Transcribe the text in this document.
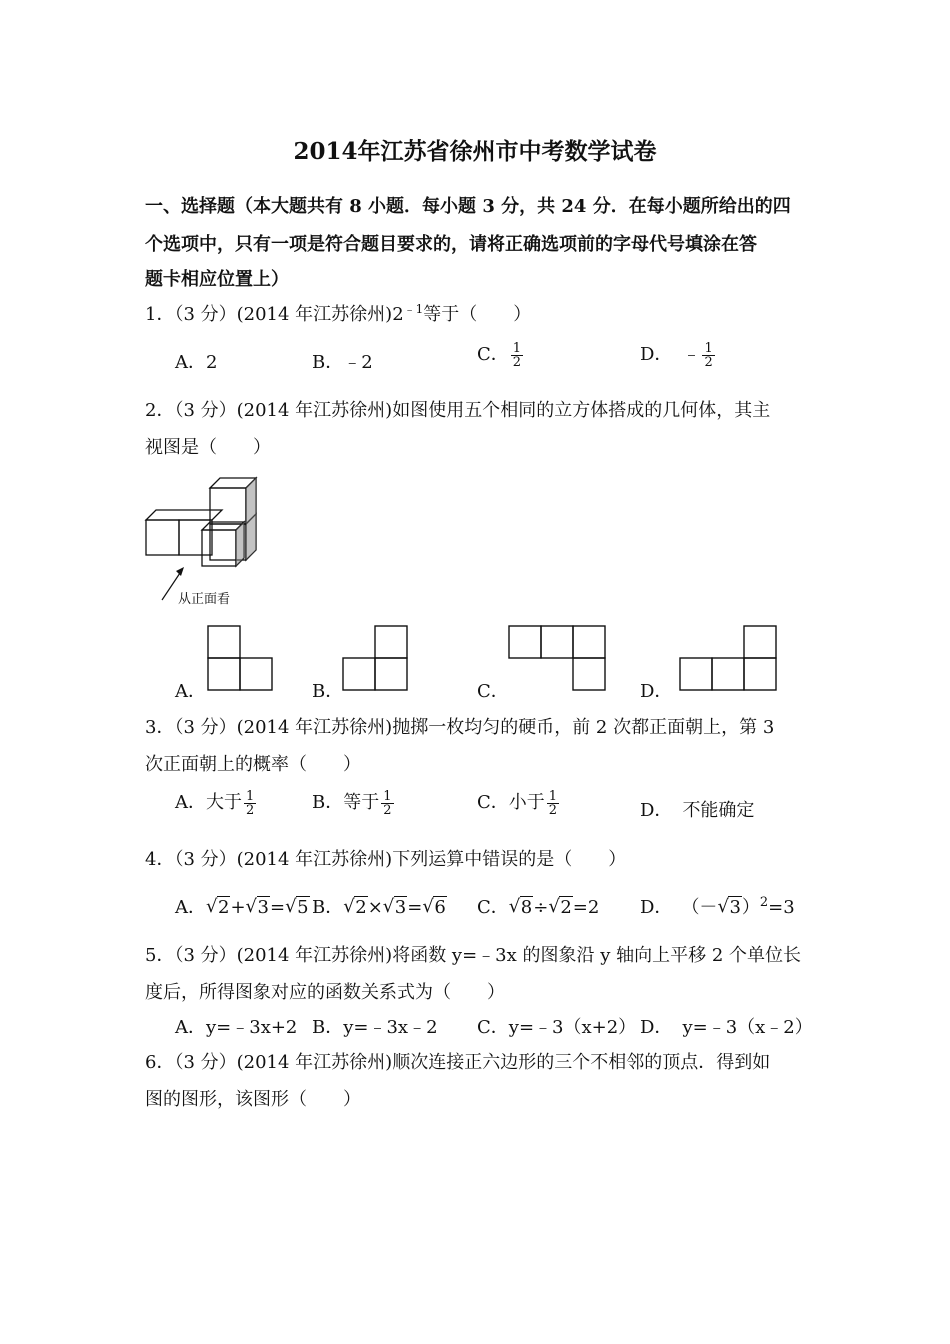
2014年江苏省徐州市中考数学试卷
一、选择题（本大题共有 8 小题．每小题 3 分，共 24 分．在每小题所给出的四
个选项中，只有一项是符合题目要求的，请将正确选项前的字母代号填涂在答
题卡相应位置上）
1．（3 分）(2014 年江苏徐州)$2^{﹣1}$等于（　　）
A．2	B．﹣2	C． $\frac{1}{2}$	D． ﹣ $\frac{1}{2}$
2．（3 分）(2014 年江苏徐州)如图使用五个相同的立方体搭成的几何体，其主
视图是（　　）
从正面看
A．	B．	C．	D．
3．（3 分）(2014 年江苏徐州)抛掷一枚均匀的硬币，前 2 次都正面朝上，第 3
次正面朝上的概率（　　）
A．大于 $\frac{1}{2}$	B．等于 $\frac{1}{2}$	C．小于 $\frac{1}{2}$	D． 不能确定
4．（3 分）(2014 年江苏徐州)下列运算中错误的是（　　）
A． √ 2+ √ 3= √ 5 B． √ 2× √ 3= √ 6 C． √ 8÷ √ 2=2 D． （－ √ 3）$^2$=3
5．（3 分）(2014 年江苏徐州)将函数 y=﹣3x 的图象沿 y 轴向上平移 2 个单位长
度后，所得图象对应的函数关系式为（　　）
A．y=﹣3x+2 B．y=﹣3x﹣2 C．y=﹣3（x+2） D． y=﹣3（x﹣2）
6．（3 分）(2014 年江苏徐州)顺次连接正六边形的三个不相邻的顶点．得到如
图的图形，该图形（　　）
